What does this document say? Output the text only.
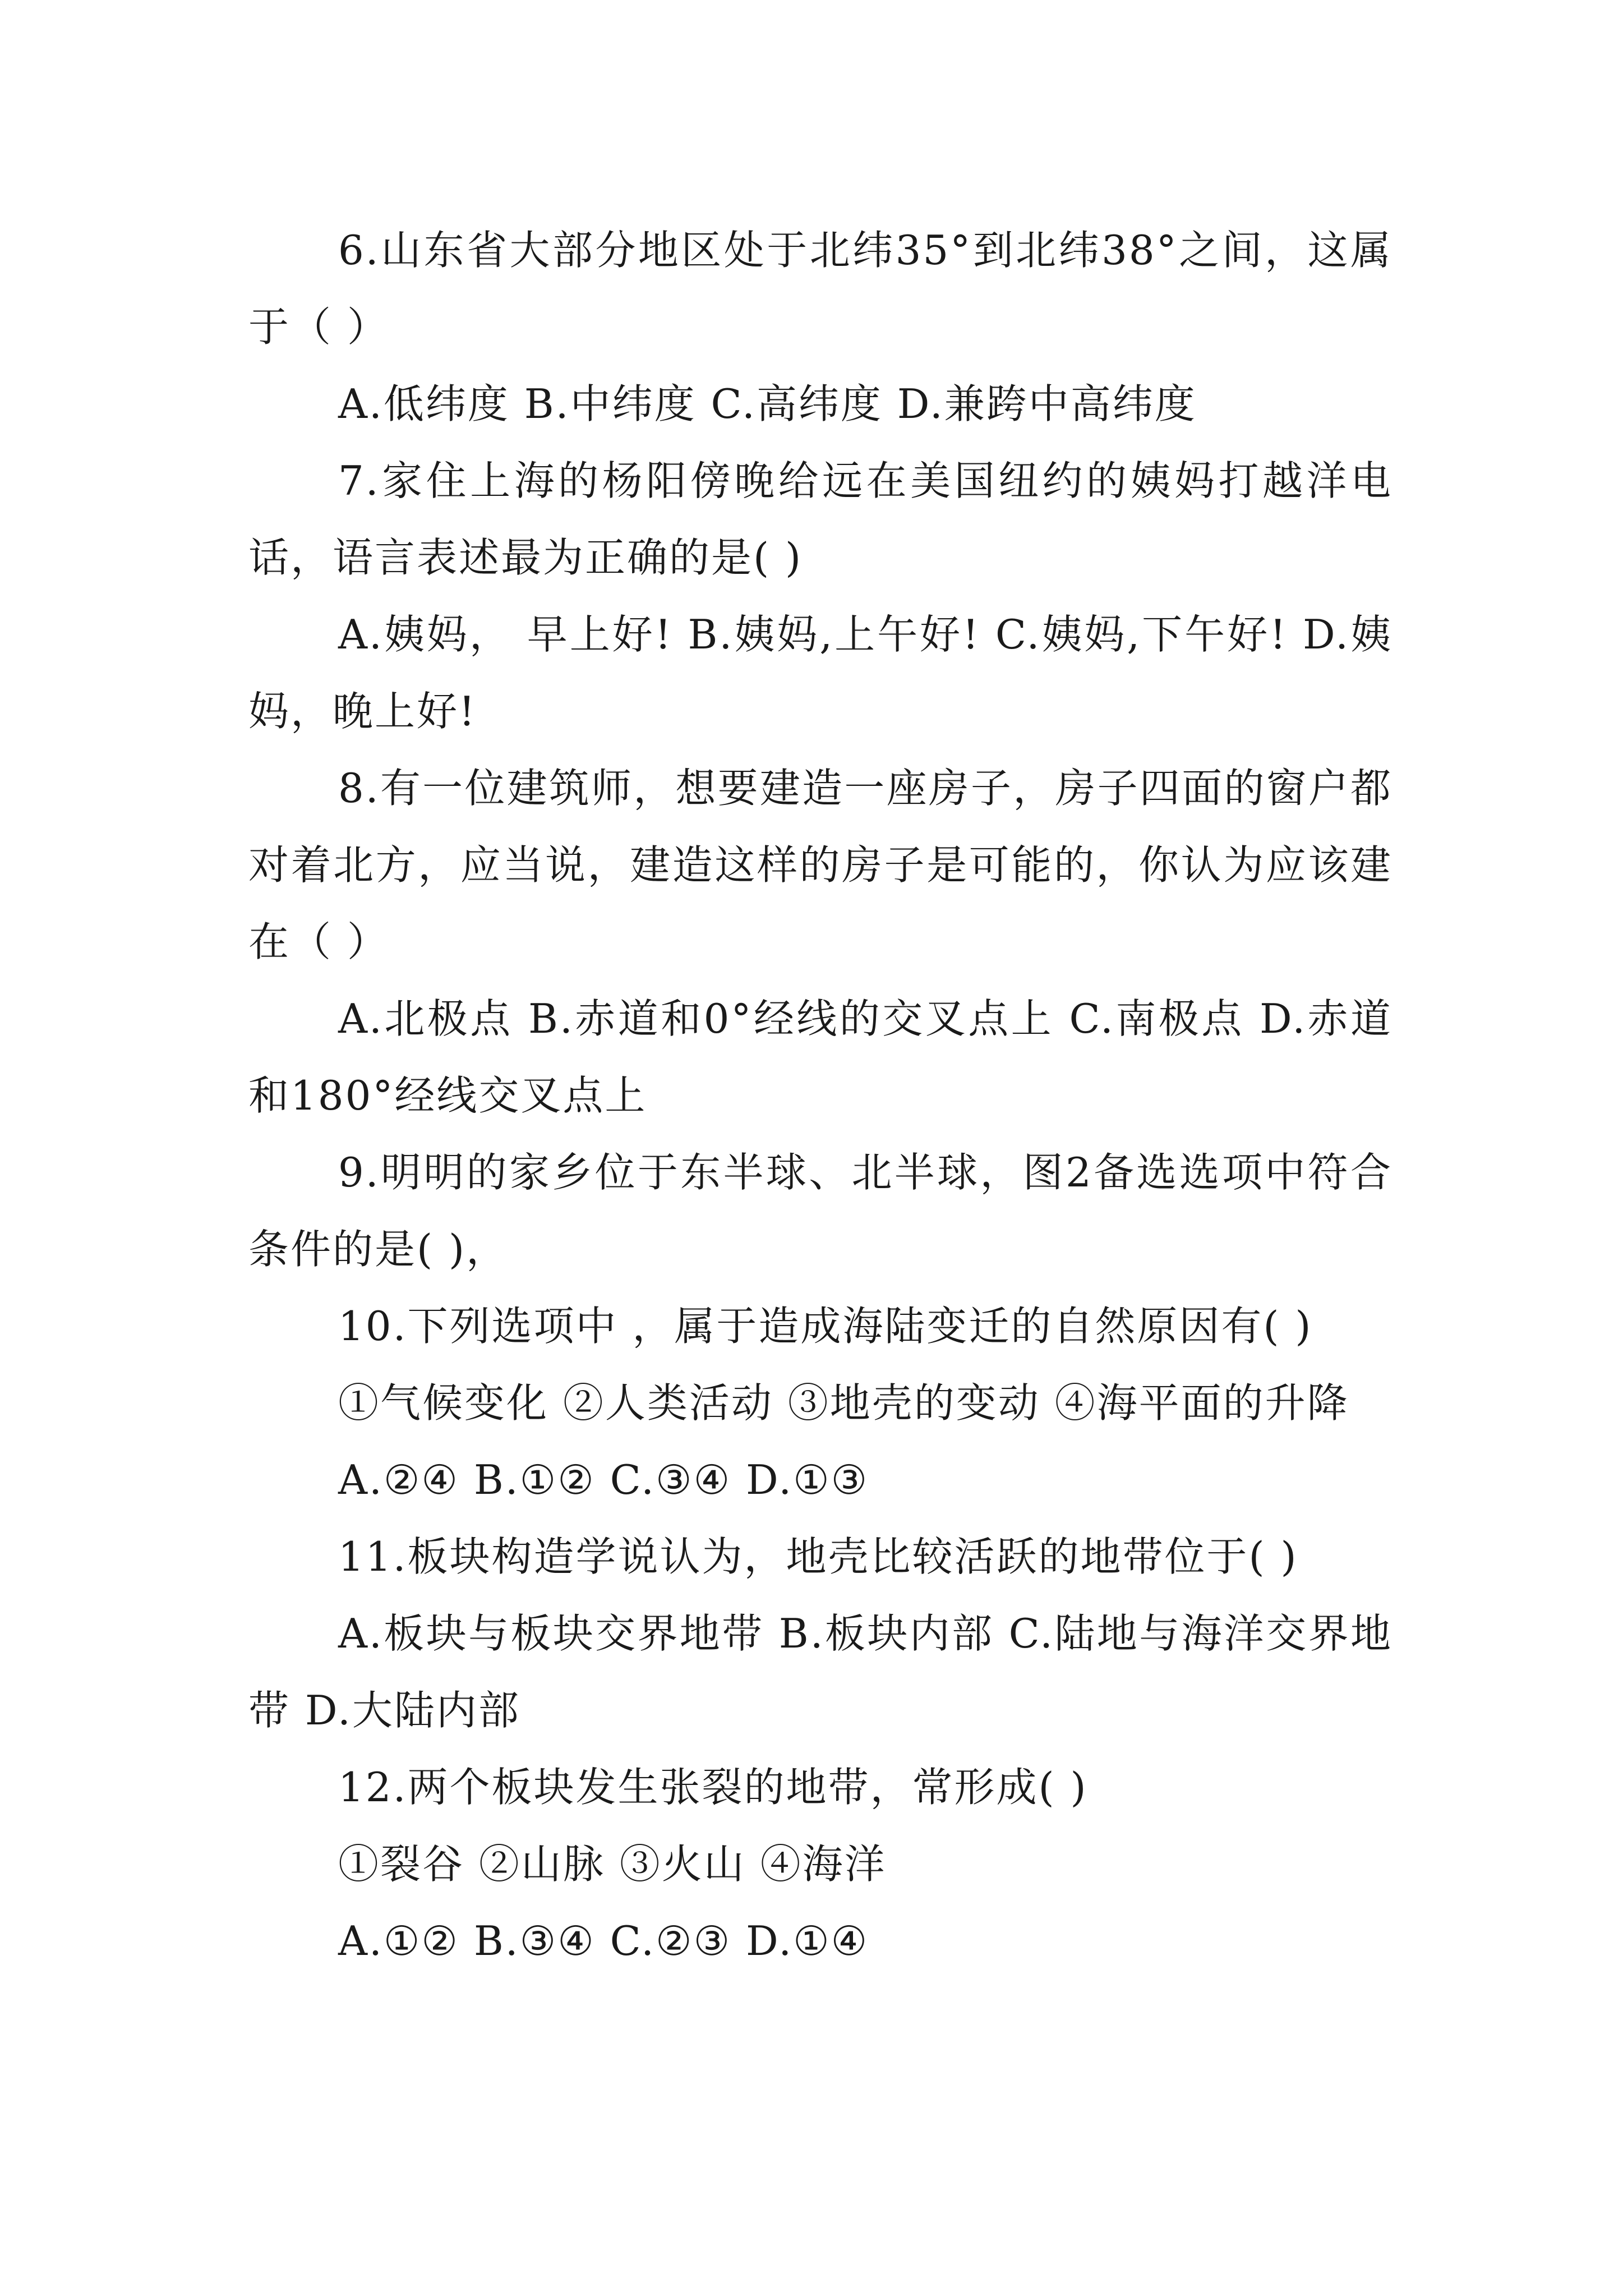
6.山东省大部分地区处于北纬35°到北纬38°之间，这属于（ ）

A.低纬度 B.中纬度 C.高纬度 D.兼跨中高纬度

7.家住上海的杨阳傍晚给远在美国纽约的姨妈打越洋电话，语言表述最为正确的是( )

A.姨妈， 早上好! B.姨妈,上午好! C.姨妈,下午好! D.姨妈，晚上好!

8.有一位建筑师，想要建造一座房子，房子四面的窗户都对着北方，应当说，建造这样的房子是可能的，你认为应该建在（ ）

A.北极点 B.赤道和0°经线的交叉点上 C.南极点 D.赤道和180°经线交叉点上

9.明明的家乡位于东半球、北半球，图2备选选项中符合条件的是( )，

10.下列选项中 ，属于造成海陆变迁的自然原因有( )

①气候变化 ②人类活动 ③地壳的变动 ④海平面的升降

A.②④ B.①② C.③④ D.①③

11.板块构造学说认为，地壳比较活跃的地带位于( )

A.板块与板块交界地带 B.板块内部 C.陆地与海洋交界地带 D.大陆内部

12.两个板块发生张裂的地带，常形成( )

①裂谷 ②山脉 ③火山 ④海洋

A.①② B.③④ C.②③ D.①④
